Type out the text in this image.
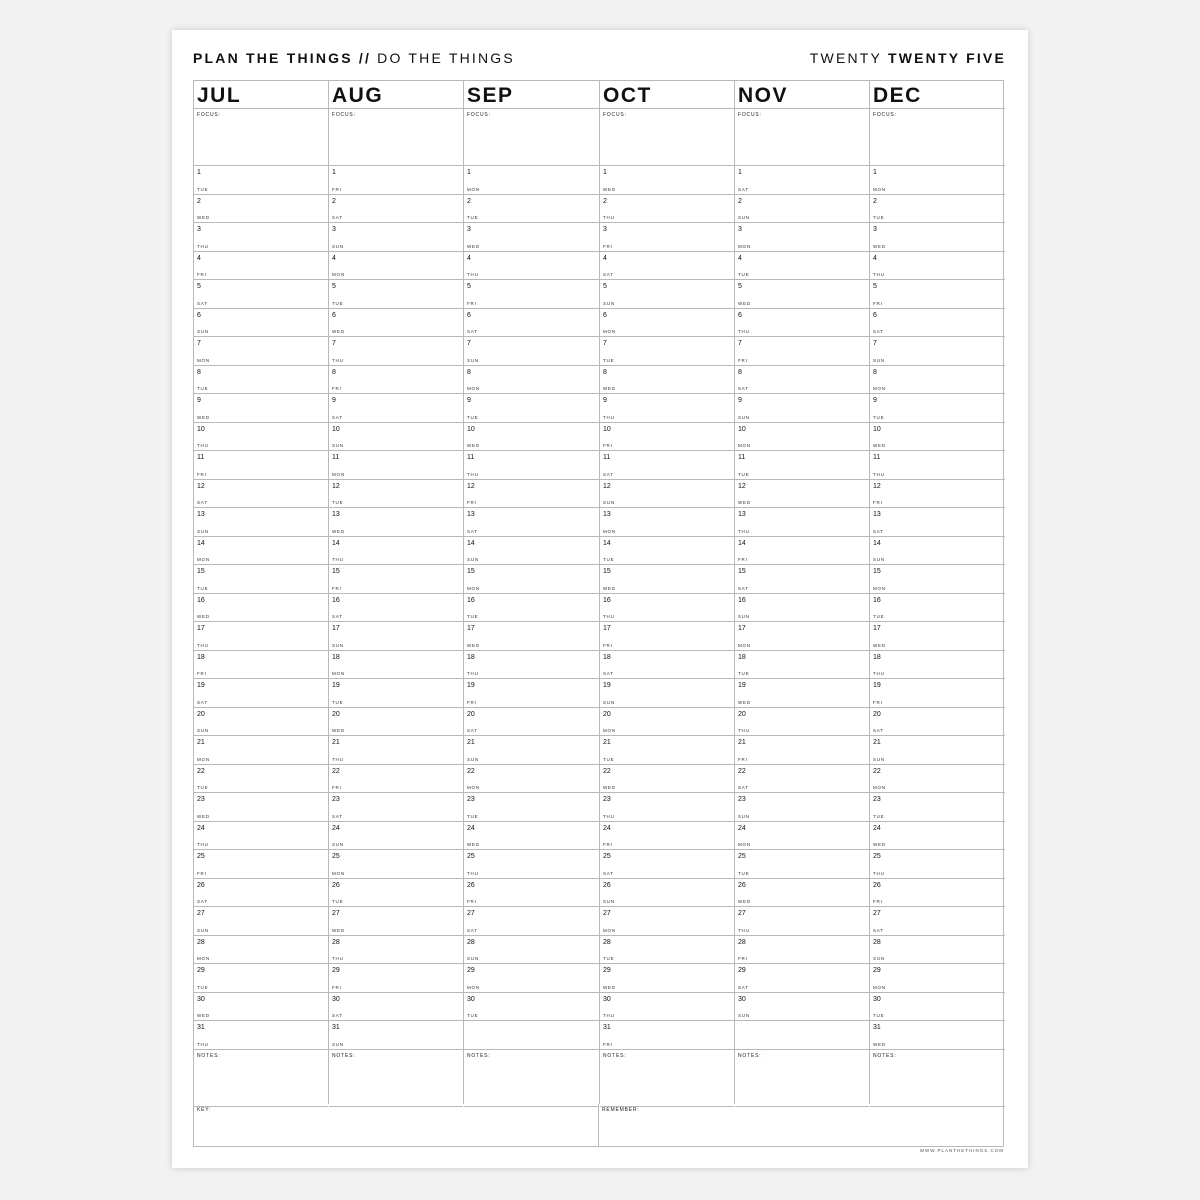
PLAN THE THINGS // DO THE THINGS	TWENTY TWENTY FIVE
KEY:	REMEMBER:
JUL
FOCUS:
1
TUE
2
WED
3
THU
4
FRI
5
SAT
6
SUN
7
MON
8
TUE
9
WED
10
THU
11
FRI
12
SAT
13
SUN
14
MON
15
TUE
16
WED
17
THU
18
FRI
19
SAT
20
SUN
21
MON
22
TUE
23
WED
24
THU
25
FRI
26
SAT
27
SUN
28
MON
29
TUE
30
WED
31
THU
NOTES:
AUG
FOCUS:
1
FRI
2
SAT
3
SUN
4
MON
5
TUE
6
WED
7
THU
8
FRI
9
SAT
10
SUN
11
MON
12
TUE
13
WED
14
THU
15
FRI
16
SAT
17
SUN
18
MON
19
TUE
20
WED
21
THU
22
FRI
23
SAT
24
SUN
25
MON
26
TUE
27
WED
28
THU
29
FRI
30
SAT
31
SUN
NOTES:
SEP
FOCUS:
1
MON
2
TUE
3
WED
4
THU
5
FRI
6
SAT
7
SUN
8
MON
9
TUE
10
WED
11
THU
12
FRI
13
SAT
14
SUN
15
MON
16
TUE
17
WED
18
THU
19
FRI
20
SAT
21
SUN
22
MON
23
TUE
24
WED
25
THU
26
FRI
27
SAT
28
SUN
29
MON
30
TUE
NOTES:
OCT
FOCUS:
1
WED
2
THU
3
FRI
4
SAT
5
SUN
6
MON
7
TUE
8
WED
9
THU
10
FRI
11
SAT
12
SUN
13
MON
14
TUE
15
WED
16
THU
17
FRI
18
SAT
19
SUN
20
MON
21
TUE
22
WED
23
THU
24
FRI
25
SAT
26
SUN
27
MON
28
TUE
29
WED
30
THU
31
FRI
NOTES:
NOV
FOCUS:
1
SAT
2
SUN
3
MON
4
TUE
5
WED
6
THU
7
FRI
8
SAT
9
SUN
10
MON
11
TUE
12
WED
13
THU
14
FRI
15
SAT
16
SUN
17
MON
18
TUE
19
WED
20
THU
21
FRI
22
SAT
23
SUN
24
MON
25
TUE
26
WED
27
THU
28
FRI
29
SAT
30
SUN
NOTES:
DEC
FOCUS:
1
MON
2
TUE
3
WED
4
THU
5
FRI
6
SAT
7
SUN
8
MON
9
TUE
10
WED
11
THU
12
FRI
13
SAT
14
SUN
15
MON
16
TUE
17
WED
18
THU
19
FRI
20
SAT
21
SUN
22
MON
23
TUE
24
WED
25
THU
26
FRI
27
SAT
28
SUN
29
MON
30
TUE
31
WED
NOTES:
WWW.PLANTHETHINGS.COM
